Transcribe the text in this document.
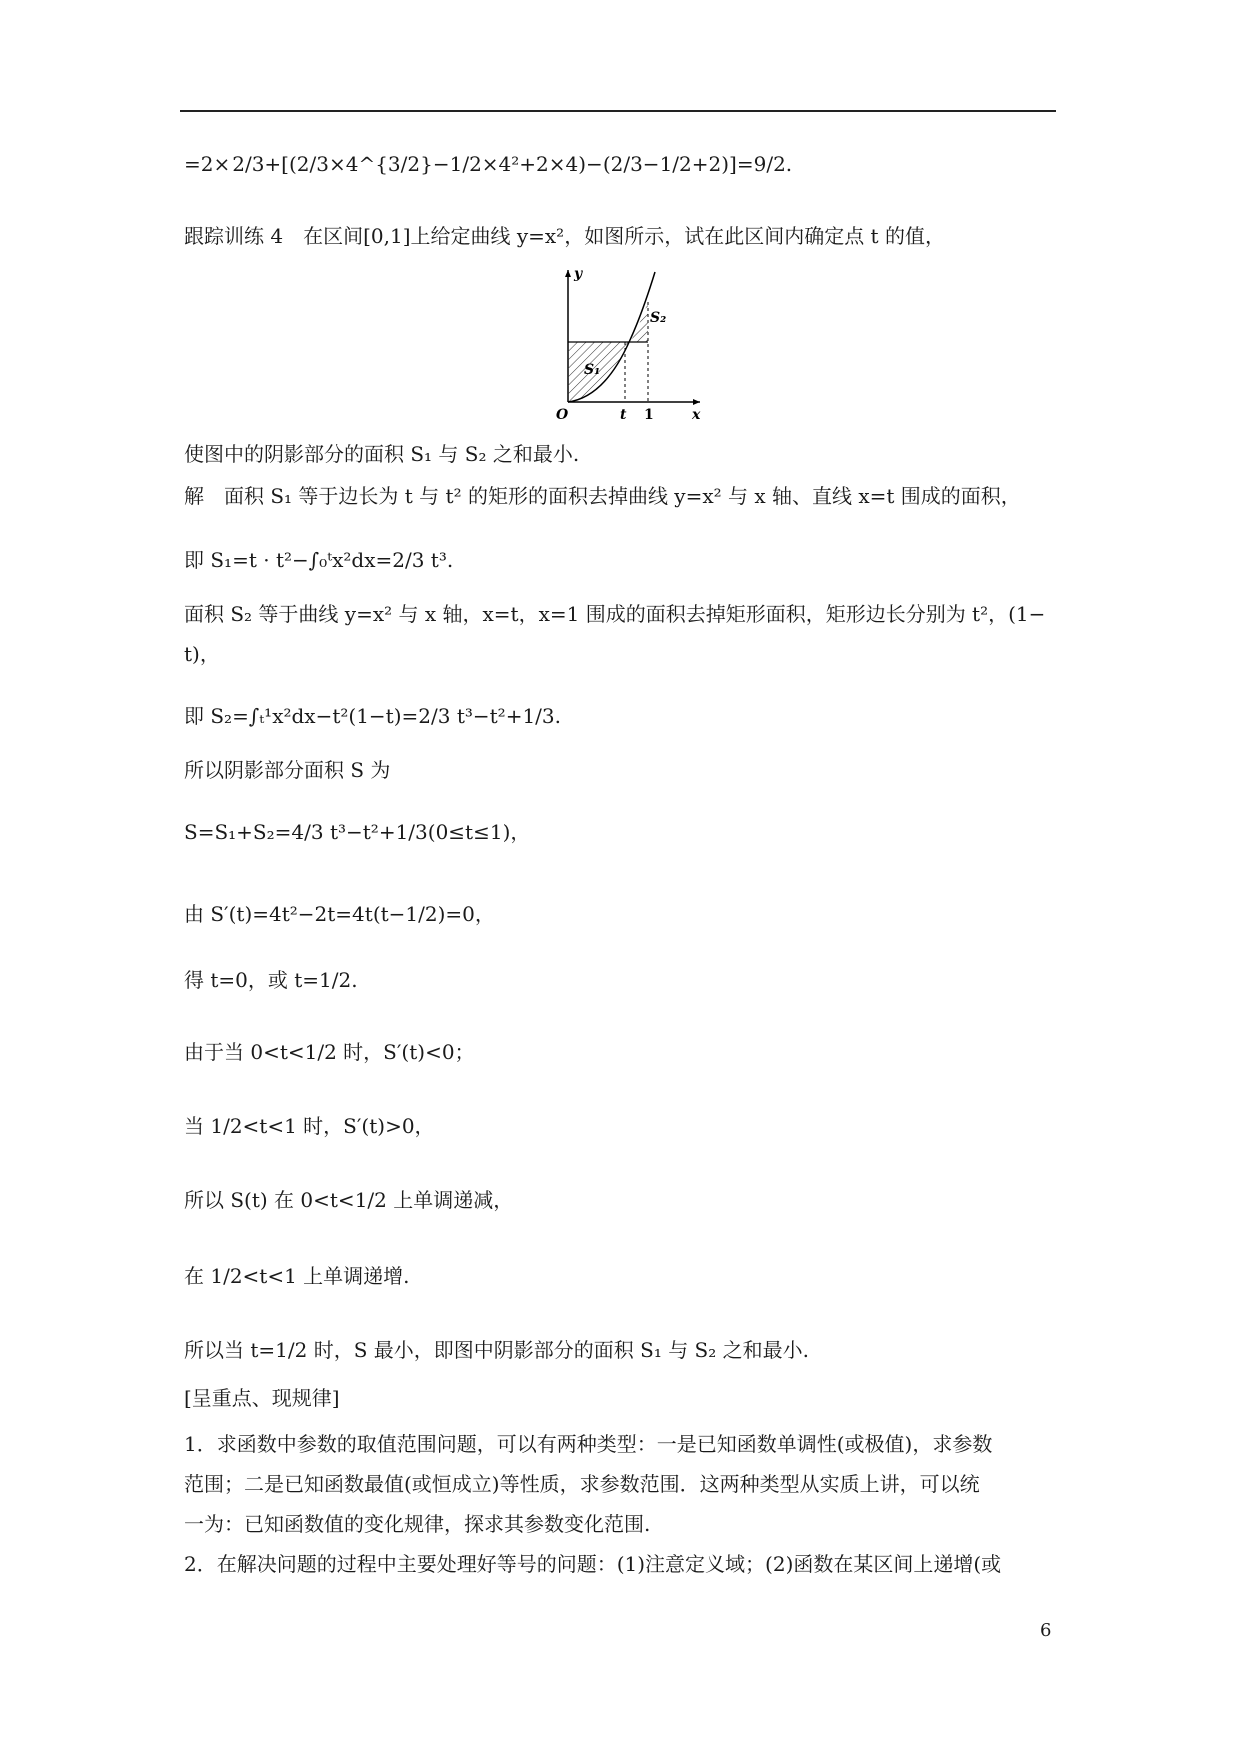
=2× 2/3+[(2/3×4^{3/2}−1/2×4²+2×4)−(2/3−1/2+2)]=9/2.
跟踪训练 4　在区间[0,1]上给定曲线 y=x²，如图所示，试在此区间内确定点 t 的值，
y
x
O	t 1
S₁
S₂
使图中的阴影部分的面积 S₁ 与 S₂ 之和最小.
解　面积 S₁ 等于边长为 t 与 t² 的矩形的面积去掉曲线 y=x² 与 x 轴、直线 x=t 围成的面积，
即 S₁=t · t²−∫₀ᵗx²dx=2/3 t³.
面积 S₂ 等于曲线 y=x² 与 x 轴，x=t，x=1 围成的面积去掉矩形面积，矩形边长分别为 t²，(1−
t)，
即 S₂=∫ₜ¹x²dx−t²(1−t)=2/3 t³−t²+1/3.
所以阴影部分面积 S 为
S=S₁+S₂=4/3 t³−t²+1/3(0≤t≤1)，
由 S′(t)=4t²−2t=4t(t−1/2)=0，
得 t=0，或 t=1/2.
由于当 0<t<1/2 时，S′(t)<0；
当 1/2<t<1 时，S′(t)>0，
所以 S(t) 在 0<t<1/2 上单调递减，
在 1/2<t<1 上单调递增.
所以当 t=1/2 时，S 最小，即图中阴影部分的面积 S₁ 与 S₂ 之和最小.
[呈重点、现规律]
1．求函数中参数的取值范围问题，可以有两种类型：一是已知函数单调性(或极值)，求参数
范围；二是已知函数最值(或恒成立)等性质，求参数范围．这两种类型从实质上讲，可以统
一为：已知函数值的变化规律，探求其参数变化范围.
2．在解决问题的过程中主要处理好等号的问题：(1)注意定义域；(2)函数在某区间上递增(或
6
